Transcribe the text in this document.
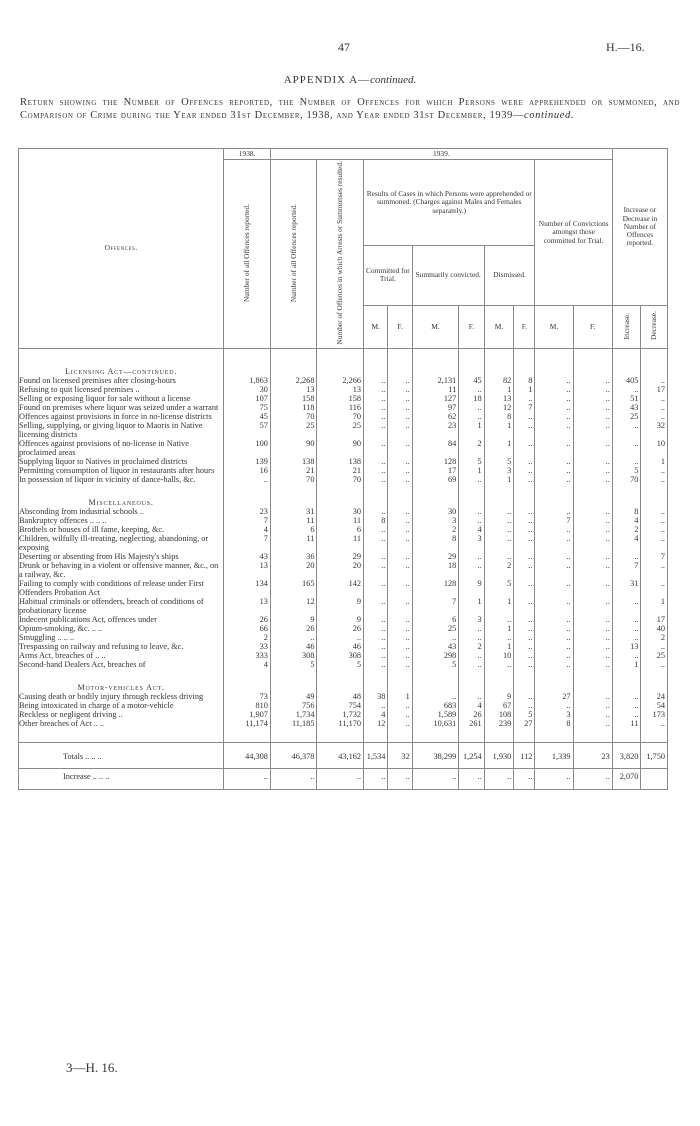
47	H.—16.
APPENDIX A—continued.
Return showing the Number of Offences reported, the Number of Offences for which Persons were apprehended or summoned, and Comparison of Crime during the Year ended 31st December, 1938, and Year ended 31st December, 1939—continued.
Offences.	1938.	1939.										Increase or Decrease in Number of Offences reported.	
	Number of all Offences reported.	Number of all Offences reported.	Number of Offences in which Arrests or Summonses resulted.	Results of Cases in which Persons were apprehended or summoned. (Charges against Males and Females separately.)						Number of Convictions amongst those committed for Trial.			
				Committed for Trial.		Summarily convicted.		Dismissed.					
				M.	F.	M.	F.	M.	F.	M.	F.	Increase.	Decrease.
Licensing Act—continued.													
Found on licensed premises after closing-hours	1,863	2,268	2,266	..	..	2,131	45	82	8	..	..	405	..
Refusing to quit licensed premises ..	30	13	13	..	..	11	..	1	1	..	..	..	17
Selling or exposing liquor for sale without a license	107	158	158	..	..	127	18	13	..	..	..	51	..
Found on premises where liquor was seized under a warrant	75	118	116	..	..	97	..	12	7	..	..	43	..
Offences against provisions in force in no-license districts	45	70	70	..	..	62	..	8	..	..	..	25	..
Selling, supplying, or giving liquor to Maoris in Native licensing districts	57	25	25	..	..	23	1	1	..	..	..	..	32
Offences against provisions of no-license in Native proclaimed areas	100	90	90	..	..	84	2	1	..	..	..	..	10
Supplying liquor to Natives in proclaimed districts	139	138	138	..	..	128	5	5	..	..	..	..	1
Permitting consumption of liquor in restaurants after hours	16	21	21	..	..	17	1	3	..	..	..	5	..
In possession of liquor in vicinity of dance-halls, &c.	..	70	70	..	..	69	..	1	..	..	..	70	..
Miscellaneous.													
Absconding from industrial schools ..	23	31	30	..	..	30	..	..	..	..	..	8	..
Bankruptcy offences .. .. ..	7	11	11	8	..	3	..	..	..	7	..	4	..
Brothels or houses of ill fame, keeping, &c.	4	6	6	..	..	2	4	..	..	..	..	2	..
Children, wilfully ill-treating, neglecting, abandoning, or exposing	7	11	11	..	..	8	3	..	..	..	..	4	..
Deserting or absenting from His Majesty's ships	43	36	29	..	..	29	..	..	..	..	..	..	7
Drunk or behaving in a violent or offensive manner, &c., on a railway, &c.	13	20	20	..	..	18	..	2	..	..	..	7	..
Failing to comply with conditions of release under First Offenders Probation Act	134	165	142	..	..	128	9	5	..	..	..	31	..
Habitual criminals or offenders, breach of conditions of probationary license	13	12	9	..	..	7	1	1	..	..	..	..	1
Indecent publications Act, offences under	26	9	9	..	..	6	3	..	..	..	..	..	17
Opium-smoking, &c. .. ..	66	26	26	..	..	25	..	1	..	..	..	..	40
Smuggling .. .. ..	2	..	..	..	..	..	..	..	..	..	..	..	2
Trespassing on railway and refusing to leave, &c.	33	46	46	..	..	43	2	1	..	..	..	13	..
Arms Act, breaches of .. ..	333	308	308	..	..	298	..	10	..	..	..	..	25
Second-hand Dealers Act, breaches of	4	5	5	..	..	5	..	..	..	..	..	1	..
Motor-vehicles Act.													
Causing death or bodily injury through reckless driving	73	49	48	38	1	..	..	9	..	27	..	..	24
Being intoxicated in charge of a motor-vehicle	810	756	754	..	..	683	4	67	..	..	..	..	54
Reckless or negligent driving ..	1,907	1,734	1,732	4	..	1,589	26	108	5	3	..	..	173
Other breaches of Act .. ..	11,174	11,185	11,170	12	..	10,631	261	239	27	8	..	11	..

Totals .. .. ..	44,308	46,378	43,162	1,534	32	38,299	1,254	1,930	112	1,339	23	3,820	1,750
Increase .. .. ..	..	..	..	..	..	..	..	..	..	..	..	2,070	

3—H. 16.
